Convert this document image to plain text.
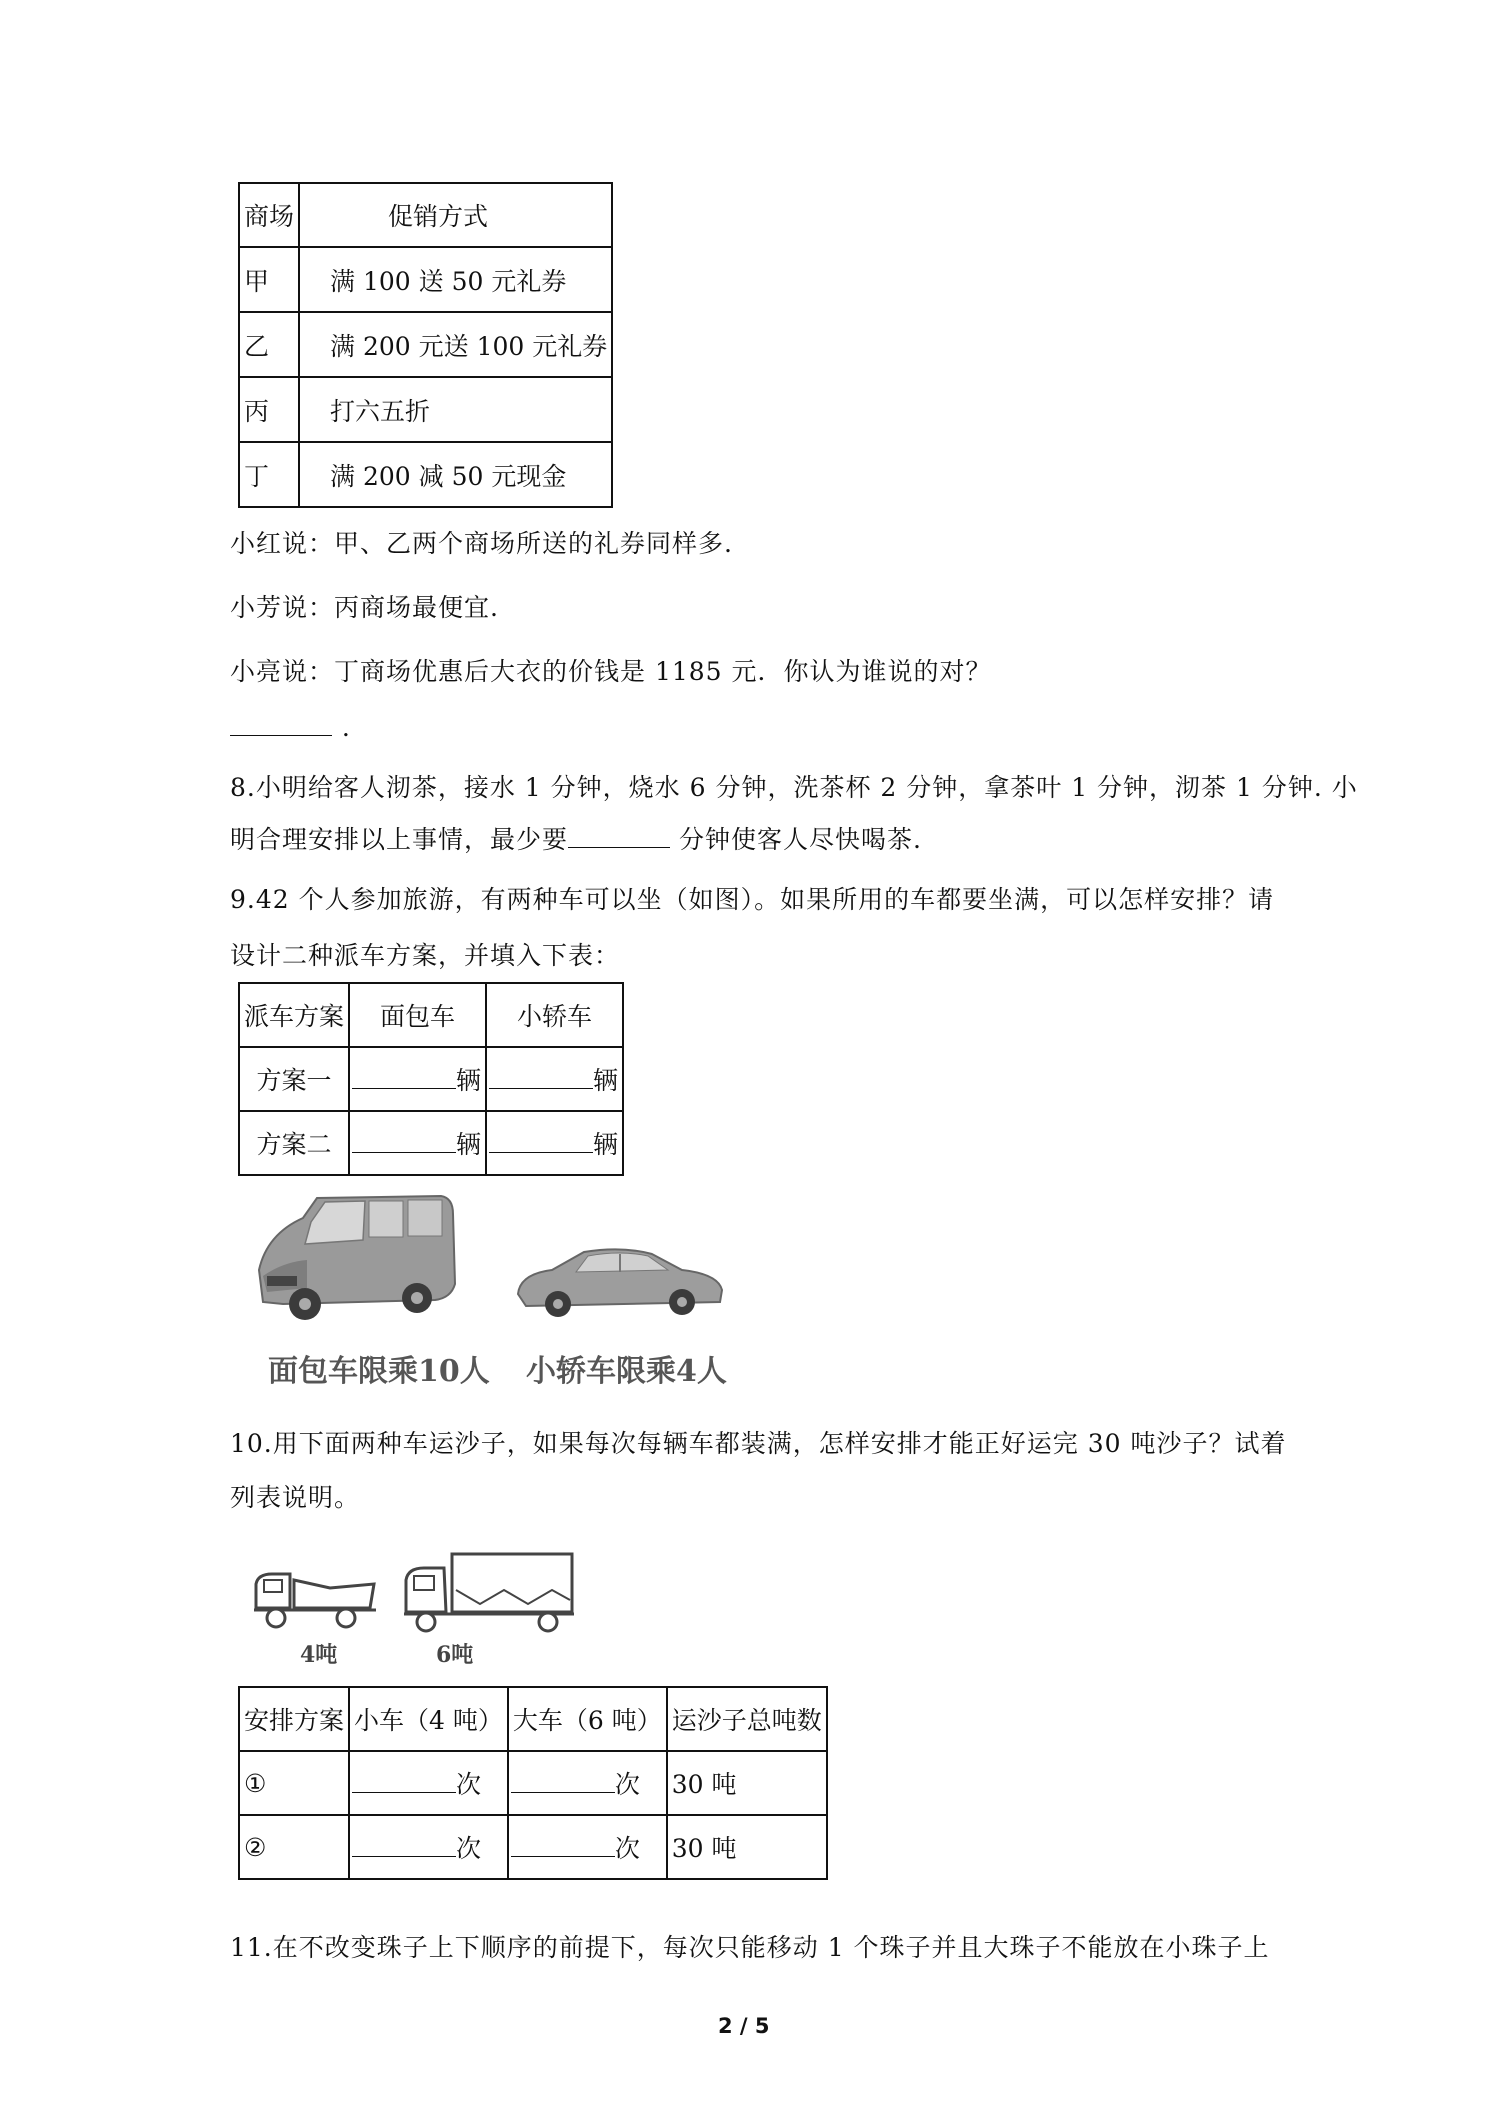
商场	促销方式
甲	满 100 送 50 元礼券
乙	满 200 元送 100 元礼券
丙	打六五折
丁	满 200 减 50 元现金
小红说：甲、乙两个商场所送的礼券同样多.
小芳说：丙商场最便宜.
小亮说：丁商场优惠后大衣的价钱是 1185 元．你认为谁说的对？
．
8.小明给客人沏茶，接水 1 分钟，烧水 6 分钟，洗茶杯 2 分钟，拿茶叶 1 分钟，沏茶 1 分钟. 小
明合理安排以上事情，最少要	分钟使客人尽快喝茶.
9.42 个人参加旅游，有两种车可以坐（如图）。如果所用的车都要坐满，可以怎样安排？请
设计二种派车方案，并填入下表：
派车方案	面包车	小轿车
方案一	辆	辆
方案二	辆	辆
面包车限乘10人 小轿车限乘4人
10.用下面两种车运沙子，如果每次每辆车都装满，怎样安排才能正好运完 30 吨沙子？试着
列表说明。
4吨	6吨
安排方案	小车（4 吨）	大车（6 吨）	运沙子总吨数
①	次	次	30 吨
②	次	次	30 吨
11.在不改变珠子上下顺序的前提下，每次只能移动 1 个珠子并且大珠子不能放在小珠子上
2 / 5
